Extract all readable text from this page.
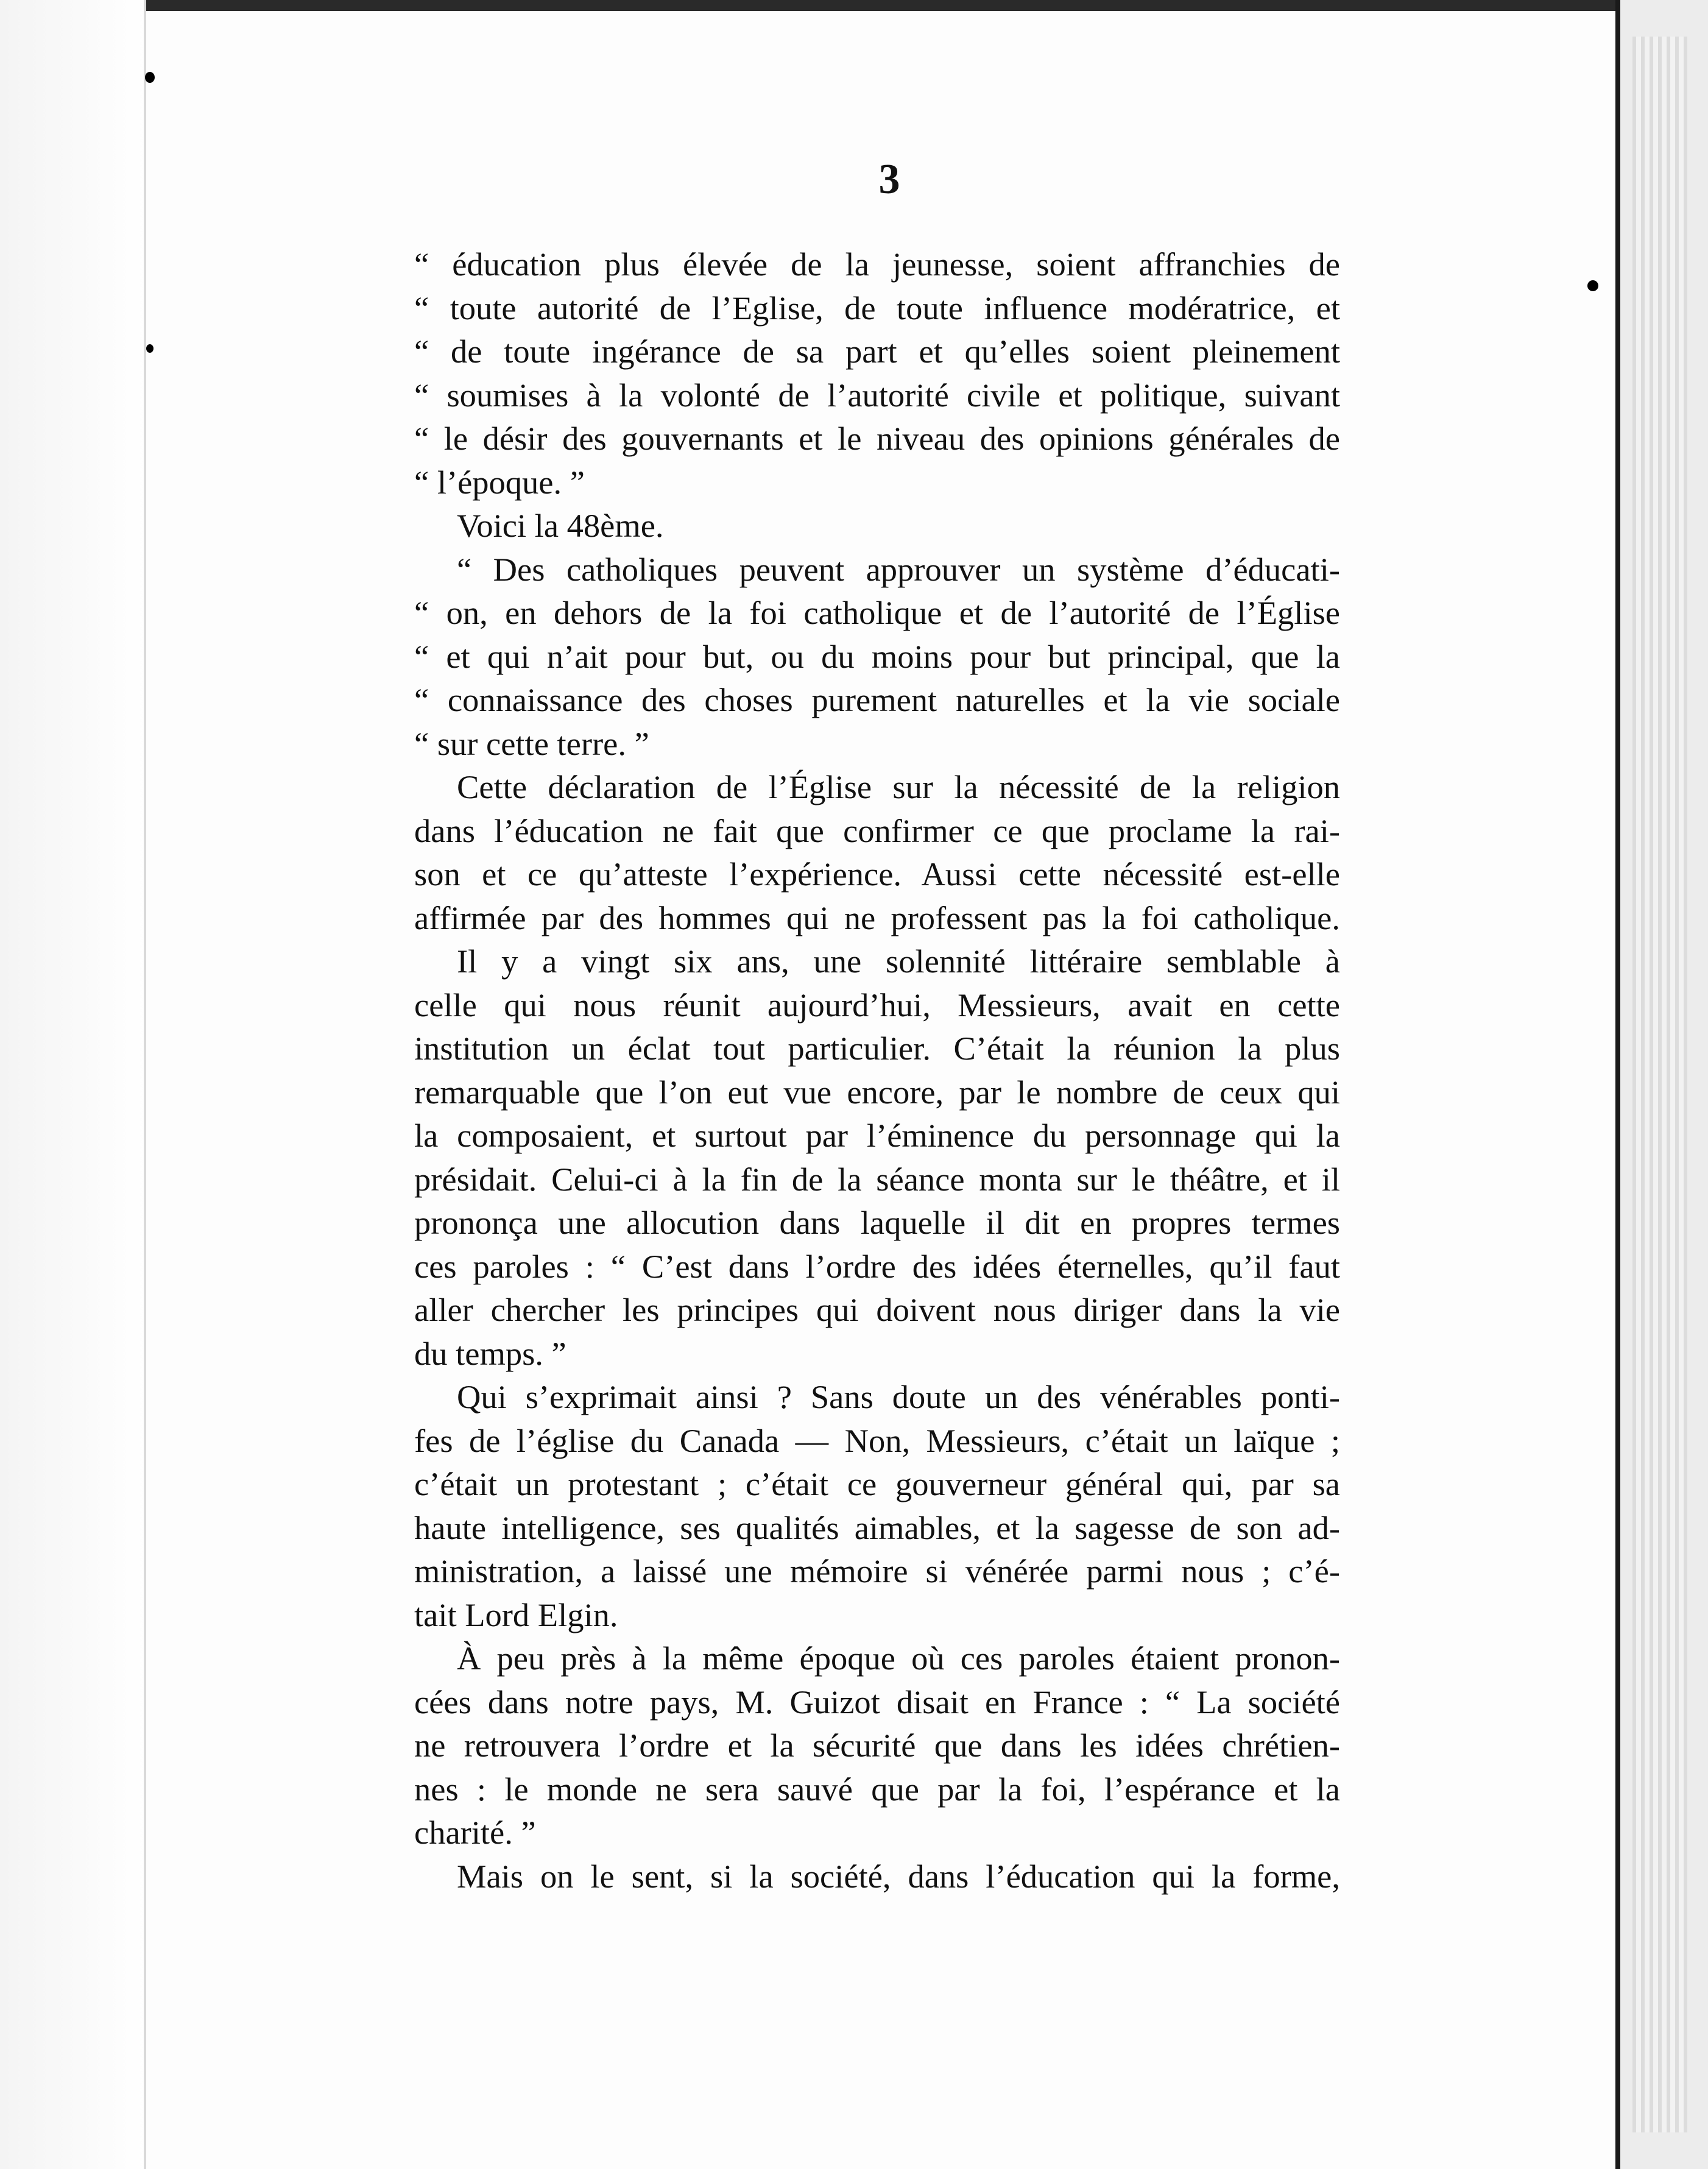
3
“ éducation plus élevée de la jeunesse, soient affranchies de
“ toute autorité de l’Eglise, de toute influence modératrice, et
“ de toute ingérance de sa part et qu’elles soient pleinement
“ soumises à la volonté de l’autorité civile et politique, suivant
“ le désir des gouvernants et le niveau des opinions générales de
“ l’époque. ”
Voici la 48ème.
“ Des catholiques peuvent approuver un système d’éducati-
“ on, en dehors de la foi catholique et de l’autorité de l’Église
“ et qui n’ait pour but, ou du moins pour but principal, que la
“ connaissance des choses purement naturelles et la vie sociale
“ sur cette terre. ”
Cette déclaration de l’Église sur la nécessité de la religion
dans l’éducation ne fait que confirmer ce que proclame la rai-
son et ce qu’atteste l’expérience. Aussi cette nécessité est-elle
affirmée par des hommes qui ne professent pas la foi catholique.
Il y a vingt six ans, une solennité littéraire semblable à
celle qui nous réunit aujourd’hui, Messieurs, avait en cette
institution un éclat tout particulier. C’était la réunion la plus
remarquable que l’on eut vue encore, par le nombre de ceux qui
la composaient, et surtout par l’éminence du personnage qui la
présidait. Celui-ci à la fin de la séance monta sur le théâtre, et il
prononça une allocution dans laquelle il dit en propres termes
ces paroles : “ C’est dans l’ordre des idées éternelles, qu’il faut
aller chercher les principes qui doivent nous diriger dans la vie
du temps. ”
Qui s’exprimait ainsi ? Sans doute un des vénérables ponti-
fes de l’église du Canada — Non, Messieurs, c’était un laïque ;
c’était un protestant ; c’était ce gouverneur général qui, par sa
haute intelligence, ses qualités aimables, et la sagesse de son ad-
ministration, a laissé une mémoire si vénérée parmi nous ; c’é-
tait Lord Elgin.
À peu près à la même époque où ces paroles étaient pronon-
cées dans notre pays, M. Guizot disait en France : “ La société
ne retrouvera l’ordre et la sécurité que dans les idées chrétien-
nes : le monde ne sera sauvé que par la foi, l’espérance et la
charité. ”
Mais on le sent, si la société, dans l’éducation qui la forme,
